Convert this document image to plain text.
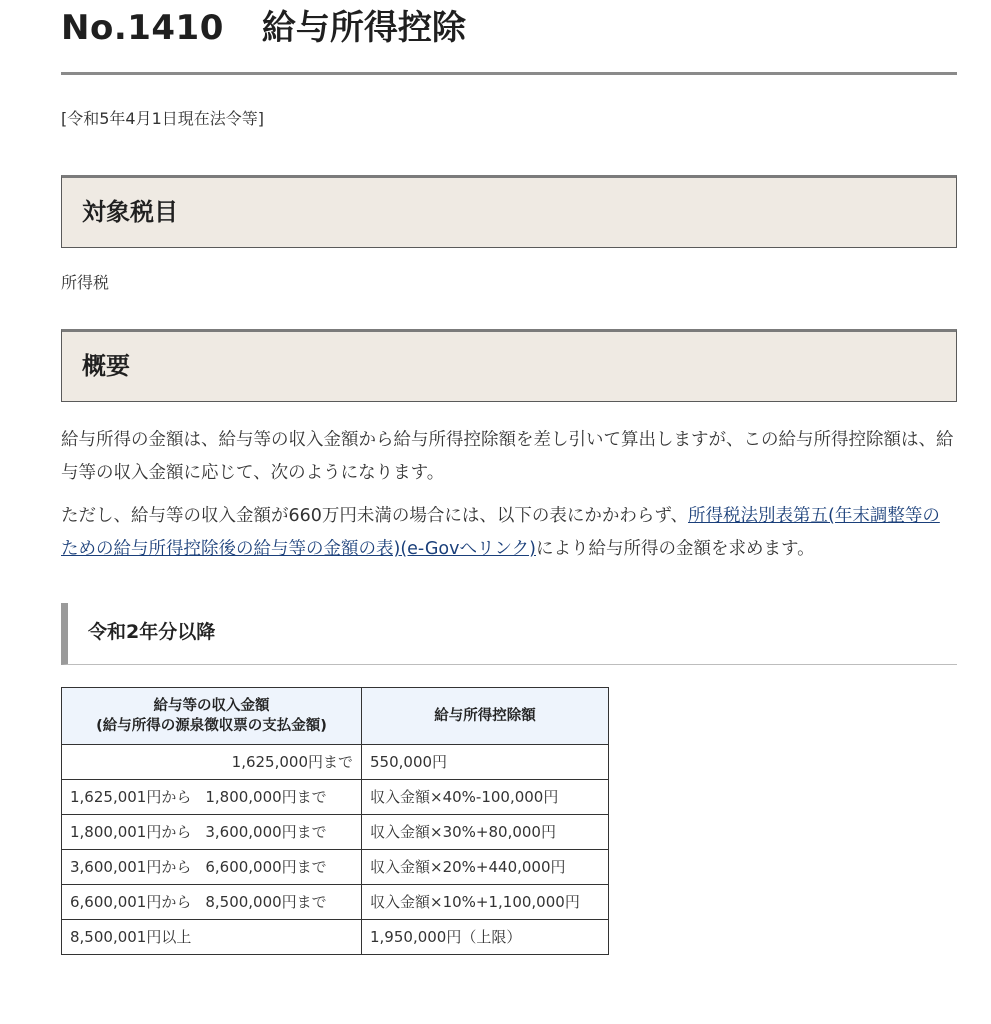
No.1410 給与所得控除

[令和5年4月1日現在法令等]

対象税目

所得税

概要

給与所得の金額は、給与等の収入金額から給与所得控除額を差し引いて算出しますが、この給与所得控除額は、給与等の収入金額に応じて、次のようになります。

ただし、給与等の収入金額が660万円未満の場合には、以下の表にかかわらず、所得税法別表第五(年末調整等のための給与所得控除後の給与等の金額の表)(e-Govへリンク)により給与所得の金額を求めます。

令和2年分以降
給与等の収入金額
(給与所得の源泉徴収票の支払金額)	給与所得控除額
1,625,000円まで	550,000円
1,625,001円から 1,800,000円まで	収入金額×40%-100,000円
1,800,001円から 3,600,000円まで	収入金額×30%+80,000円
3,600,001円から 6,600,000円まで	収入金額×20%+440,000円
6,600,001円から 8,500,000円まで	収入金額×10%+1,100,000円
8,500,001円以上	1,950,000円（上限）
